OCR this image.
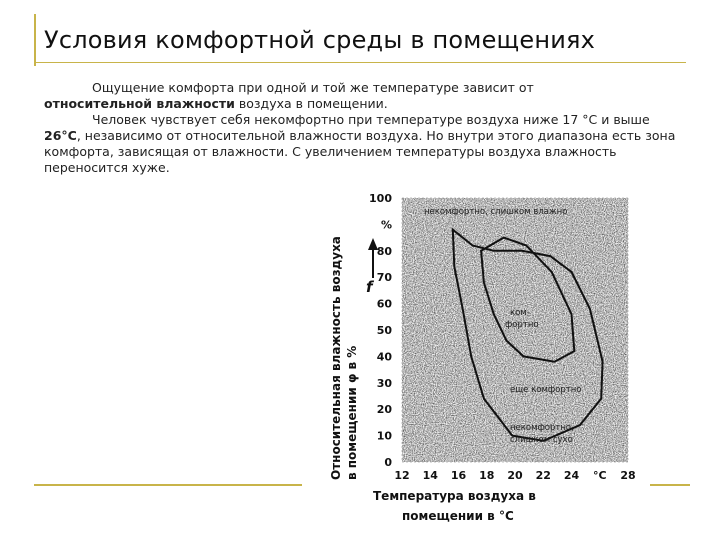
Условия комфортной среды в помещениях

Ощущение комфорта при одной и той же температуре зависит от
относительной влажности воздуха в помещении.

Человек чувствует себя некомфортно при температуре воздуха ниже 17 °С и выше 26°С, независимо от относительной влажности воздуха. Но внутри этого диапазона есть зона комфорта, зависящая от влажности. С увеличением температуры воздуха влажность переносится хуже.

12 14 16 18 20 22 24 °С 28
0
10
20
30
40
50
60
70
80
%
100
некомфортно, слишком влажно
ком-
фортно
еще комфортно
некомфортно,
слишком сухо
f
Относительная влажность воздуха в помещении φ в %
Температура воздуха в
помещении в °С
